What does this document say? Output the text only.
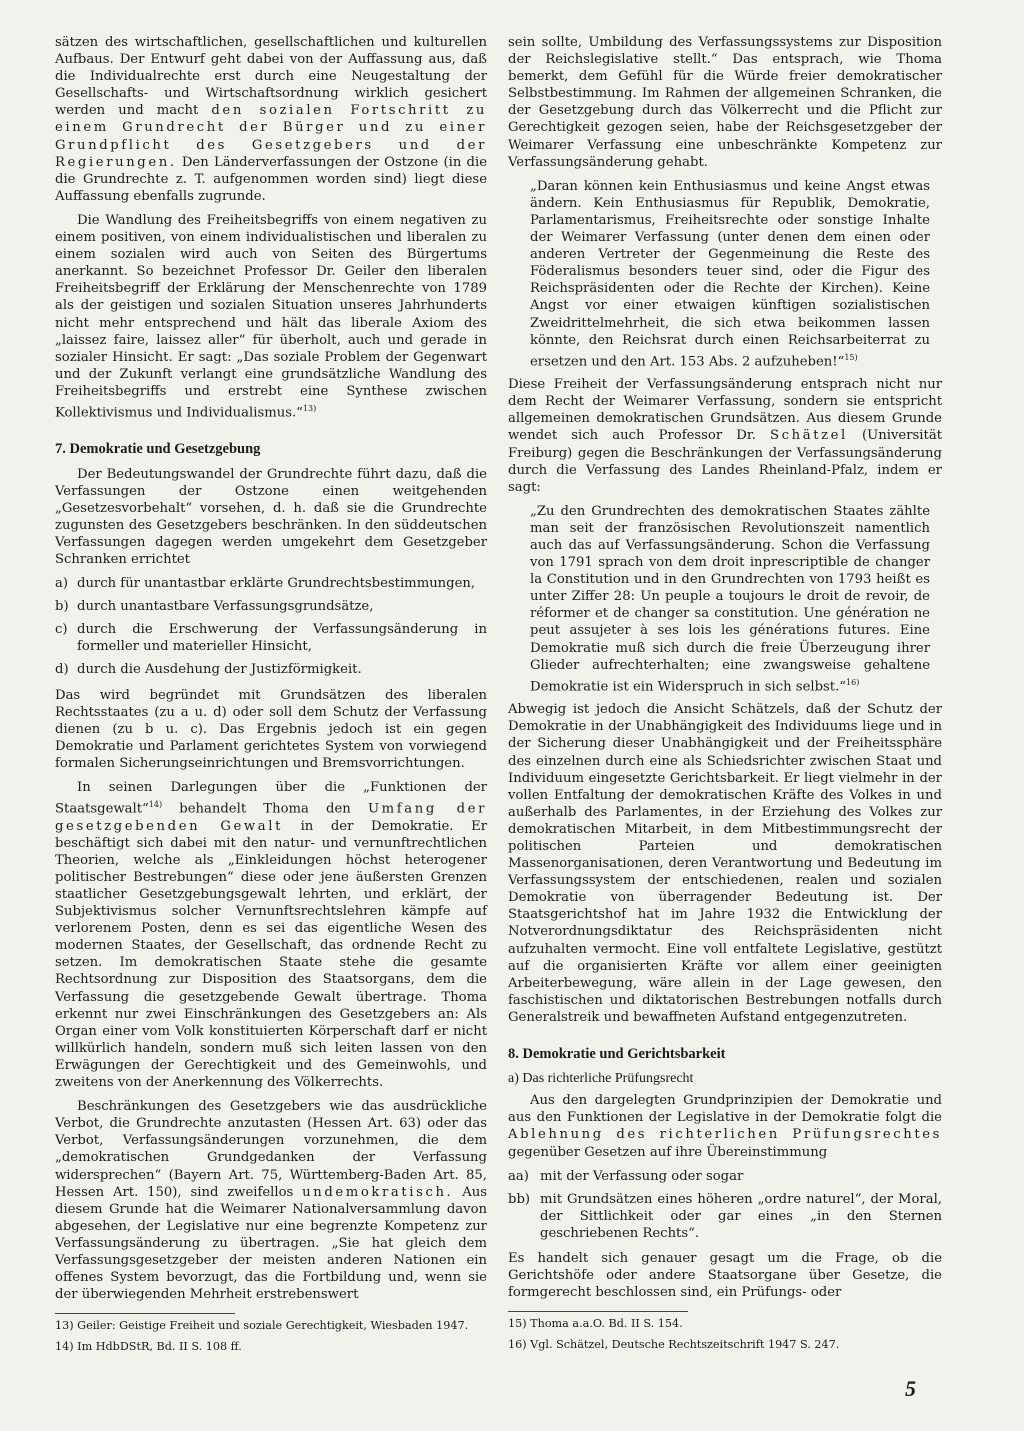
sätzen des wirtschaftlichen, gesellschaftlichen und kulturellen Aufbaus. Der Entwurf geht dabei von der Auffassung aus, daß die Individualrechte erst durch eine Neugestaltung der Gesellschafts- und Wirtschaftsordnung wirklich gesichert werden und macht den sozialen Fortschritt zu einem Grundrecht der Bürger und zu einer Grundpflicht des Gesetzgebers und der Regierungen. Den Länderverfassungen der Ostzone (in die die Grundrechte z. T. aufgenommen worden sind) liegt diese Auffassung ebenfalls zugrunde.

Die Wandlung des Freiheitsbegriffs von einem negativen zu einem positiven, von einem individualistischen und liberalen zu einem sozialen wird auch von Seiten des Bürgertums anerkannt. So bezeichnet Professor Dr. Geiler den liberalen Freiheitsbegriff der Erklärung der Menschenrechte von 1789 als der geistigen und sozialen Situation unseres Jahrhunderts nicht mehr entsprechend und hält das liberale Axiom des „laissez faire, laissez aller“ für überholt, auch und gerade in sozialer Hinsicht. Er sagt: „Das soziale Problem der Gegenwart und der Zukunft verlangt eine grundsätzliche Wandlung des Freiheitsbegriffs und erstrebt eine Synthese zwischen Kollektivismus und Individualismus.“$^{13)}$

7. Demokratie und Gesetzgebung

Der Bedeutungswandel der Grundrechte führt dazu, daß die Verfassungen der Ostzone einen weitgehenden „Gesetzesvorbehalt“ vorsehen, d. h. daß sie die Grundrechte zugunsten des Gesetzgebers beschränken. In den süddeutschen Verfassungen dagegen werden umgekehrt dem Gesetzgeber Schranken errichtet

a) durch für unantastbar erklärte Grundrechtsbestimmungen,
b) durch unantastbare Verfassungsgrundsätze,
c) durch die Erschwerung der Verfassungsänderung in formeller und materieller Hinsicht,
d) durch die Ausdehung der Justizförmigkeit.

Das wird begründet mit Grundsätzen des liberalen Rechtsstaates (zu a u. d) oder soll dem Schutz der Verfassung dienen (zu b u. c). Das Ergebnis jedoch ist ein gegen Demokratie und Parlament gerichtetes System von vorwiegend formalen Sicherungseinrichtungen und Bremsvorrichtungen.

In seinen Darlegungen über die „Funktionen der Staatsgewalt“$^{14)}$ behandelt Thoma den Umfang der gesetzgebenden Gewalt in der Demokratie. Er beschäftigt sich dabei mit den natur- und vernunftrechtlichen Theorien, welche als „Einkleidungen höchst heterogener politischer Bestrebungen“ diese oder jene äußersten Grenzen staatlicher Gesetzgebungsgewalt lehrten, und erklärt, der Subjektivismus solcher Vernunftsrechtslehren kämpfe auf verlorenem Posten, denn es sei das eigentliche Wesen des modernen Staates, der Gesellschaft, das ordnende Recht zu setzen. Im demokratischen Staate stehe die gesamte Rechtsordnung zur Disposition des Staatsorgans, dem die Verfassung die gesetzgebende Gewalt übertrage. Thoma erkennt nur zwei Einschränkungen des Gesetzgebers an: Als Organ einer vom Volk konstituierten Körperschaft darf er nicht willkürlich handeln, sondern muß sich leiten lassen von den Erwägungen der Gerechtigkeit und des Gemeinwohls, und zweitens von der Anerkennung des Völkerrechts.

Beschränkungen des Gesetzgebers wie das ausdrückliche Verbot, die Grundrechte anzutasten (Hessen Art. 63) oder das Verbot, Verfassungsänderungen vorzunehmen, die dem „demokratischen Grundgedanken der Verfassung widersprechen“ (Bayern Art. 75, Württemberg-Baden Art. 85, Hessen Art. 150), sind zweifellos undemokratisch. Aus diesem Grunde hat die Weimarer Nationalversammlung davon abgesehen, der Legislative nur eine begrenzte Kompetenz zur Verfassungsänderung zu übertragen. „Sie hat gleich dem Verfassungsgesetzgeber der meisten anderen Nationen ein offenes System bevorzugt, das die Fortbildung und, wenn sie der überwiegenden Mehrheit erstrebenswert

13) Geiler: Geistige Freiheit und soziale Gerechtigkeit, Wiesbaden 1947.

14) Im HdbDStR, Bd. II S. 108 ff.

sein sollte, Umbildung des Verfassungssystems zur Disposition der Reichslegislative stellt.“ Das entsprach, wie Thoma bemerkt, dem Gefühl für die Würde freier demokratischer Selbstbestimmung. Im Rahmen der allgemeinen Schranken, die der Gesetzgebung durch das Völkerrecht und die Pflicht zur Gerechtigkeit gezogen seien, habe der Reichsgesetzgeber der Weimarer Verfassung eine unbeschränkte Kompetenz zur Verfassungsänderung gehabt.

„Daran können kein Enthusiasmus und keine Angst etwas ändern. Kein Enthusiasmus für Republik, Demokratie, Parlamentarismus, Freiheitsrechte oder sonstige Inhalte der Weimarer Verfassung (unter denen dem einen oder anderen Vertreter der Gegenmeinung die Reste des Föderalismus besonders teuer sind, oder die Figur des Reichspräsidenten oder die Rechte der Kirchen). Keine Angst vor einer etwaigen künftigen sozialistischen Zweidrittelmehrheit, die sich etwa beikommen lassen könnte, den Reichsrat durch einen Reichsarbeiterrat zu ersetzen und den Art. 153 Abs. 2 aufzuheben!“$^{15)}$

Diese Freiheit der Verfassungsänderung entsprach nicht nur dem Recht der Weimarer Verfassung, sondern sie entspricht allgemeinen demokratischen Grundsätzen. Aus diesem Grunde wendet sich auch Professor Dr. Schätzel (Universität Freiburg) gegen die Beschränkungen der Verfassungsänderung durch die Verfassung des Landes Rheinland-Pfalz, indem er sagt:

„Zu den Grundrechten des demokratischen Staates zählte man seit der französischen Revolutionszeit namentlich auch das auf Verfassungsänderung. Schon die Verfassung von 1791 sprach von dem droit inprescriptible de changer la Constitution und in den Grundrechten von 1793 heißt es unter Ziffer 28: Un peuple a toujours le droit de revoir, de réformer et de changer sa constitution. Une génération ne peut assujeter à ses lois les générations futures. Eine Demokratie muß sich durch die freie Überzeugung ihrer Glieder aufrechterhalten; eine zwangsweise gehaltene Demokratie ist ein Widerspruch in sich selbst.“$^{16)}$

Abwegig ist jedoch die Ansicht Schätzels, daß der Schutz der Demokratie in der Unabhängigkeit des Individuums liege und in der Sicherung dieser Unabhängigkeit und der Freiheitssphäre des einzelnen durch eine als Schiedsrichter zwischen Staat und Individuum eingesetzte Gerichtsbarkeit. Er liegt vielmehr in der vollen Entfaltung der demokratischen Kräfte des Volkes in und außerhalb des Parlamentes, in der Erziehung des Volkes zur demokratischen Mitarbeit, in dem Mitbestimmungsrecht der politischen Parteien und demokratischen Massenorganisationen, deren Verantwortung und Bedeutung im Verfassungssystem der entschiedenen, realen und sozialen Demokratie von überragender Bedeutung ist. Der Staatsgerichtshof hat im Jahre 1932 die Entwicklung der Notverordnungsdiktatur des Reichspräsidenten nicht aufzuhalten vermocht. Eine voll entfaltete Legislative, gestützt auf die organisierten Kräfte vor allem einer geeinigten Arbeiterbewegung, wäre allein in der Lage gewesen, den faschistischen und diktatorischen Bestrebungen notfalls durch Generalstreik und bewaffneten Aufstand entgegenzutreten.

8. Demokratie und Gerichtsbarkeit
a) Das richterliche Prüfungsrecht

Aus den dargelegten Grundprinzipien der Demokratie und aus den Funktionen der Legislative in der Demokratie folgt die Ablehnung des richterlichen Prüfungsrechtes gegenüber Gesetzen auf ihre Übereinstimmung

aa) mit der Verfassung oder sogar
bb) mit Grundsätzen eines höheren „ordre naturel“, der Moral, der Sittlichkeit oder gar eines „in den Sternen geschriebenen Rechts“.

Es handelt sich genauer gesagt um die Frage, ob die Gerichtshöfe oder andere Staatsorgane über Gesetze, die formgerecht beschlossen sind, ein Prüfungs- oder

15) Thoma a.a.O. Bd. II S. 154.

16) Vgl. Schätzel, Deutsche Rechtszeitschrift 1947 S. 247.

5
